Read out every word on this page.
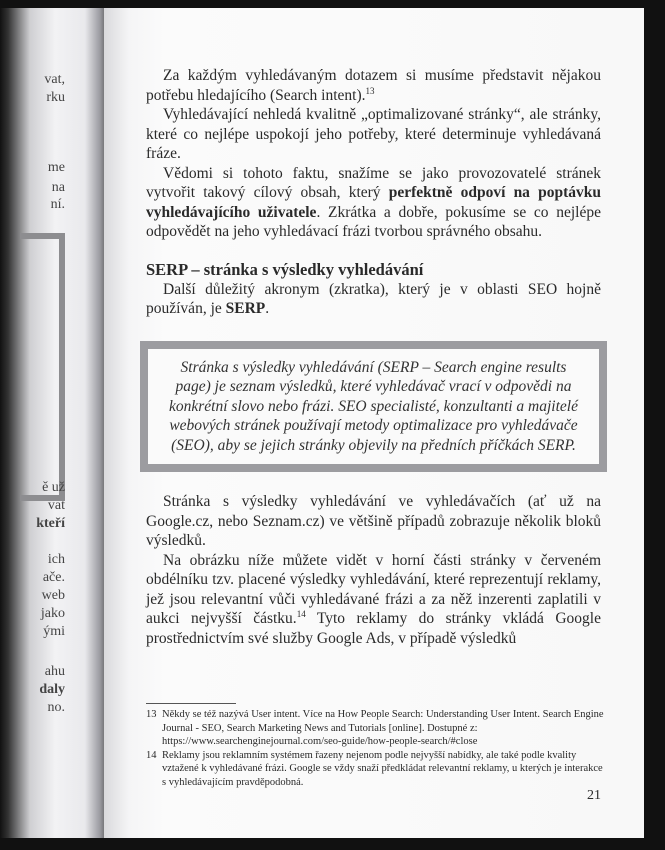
vat,
rku
me
na
ní.
ě už
vat
kteří
ich
ače.
web
jako
ými
ahu
daly
no.

Za každým vyhledávaným dotazem si musíme představit nějakou potřebu hledajícího (Search intent).$^{13}$

Vyhledávající nehledá kvalitně „optimalizované stránky“, ale stránky, které co nejlépe uspokojí jeho potřeby, které determinuje vyhledávaná fráze.

Vědomi si tohoto faktu, snažíme se jako provozovatelé stránek vytvořit takový cílový obsah, který perfektně odpoví na poptávku vyhledávajícího uživatele. Zkrátka a dobře, pokusíme se co nejlépe odpovědět na jeho vyhledávací frázi tvorbou správného obsahu.

SERP – stránka s výsledky vyhledávání

Další důležitý akronym (zkratka), který je v oblasti SEO hojně používán, je SERP.

Stránka s výsledky vyhledávání (SERP – Search engine results page) je seznam výsledků, které vyhledávač vrací v odpovědi na konkrétní slovo nebo frázi. SEO specialisté, konzultanti a majitelé webových stránek používají metody optimalizace pro vyhledávače (SEO), aby se jejich stránky objevily na předních příčkách SERP.

Stránka s výsledky vyhledávání ve vyhledávačích (ať už na Google.cz, nebo Seznam.cz) ve většině případů zobrazuje několik bloků výsledků.

Na obrázku níže můžete vidět v horní části stránky v červeném obdélníku tzv. placené výsledky vyhledávání, které reprezentují reklamy, jež jsou relevantní vůči vyhledávané frázi a za něž inzerenti zaplatili v aukci nejvyšší částku.$^{14}$ Tyto reklamy do stránky vkládá Google prostřednictvím své služby Google Ads, v případě výsledků

13 Někdy se též nazývá User intent. Více na How People Search: Understanding User Intent. Search Engine Journal - SEO, Search Marketing News and Tutorials [online]. Dostupné z: https://www.searchenginejournal.com/seo-guide/how-people-search/#close
14 Reklamy jsou reklamním systémem řazeny nejenom podle nejvyšší nabídky, ale také podle kvality vztažené k vyhledávané frázi. Google se vždy snaží předkládat relevantní reklamy, u kterých je interakce s vyhledávajícím pravděpodobná.
21
